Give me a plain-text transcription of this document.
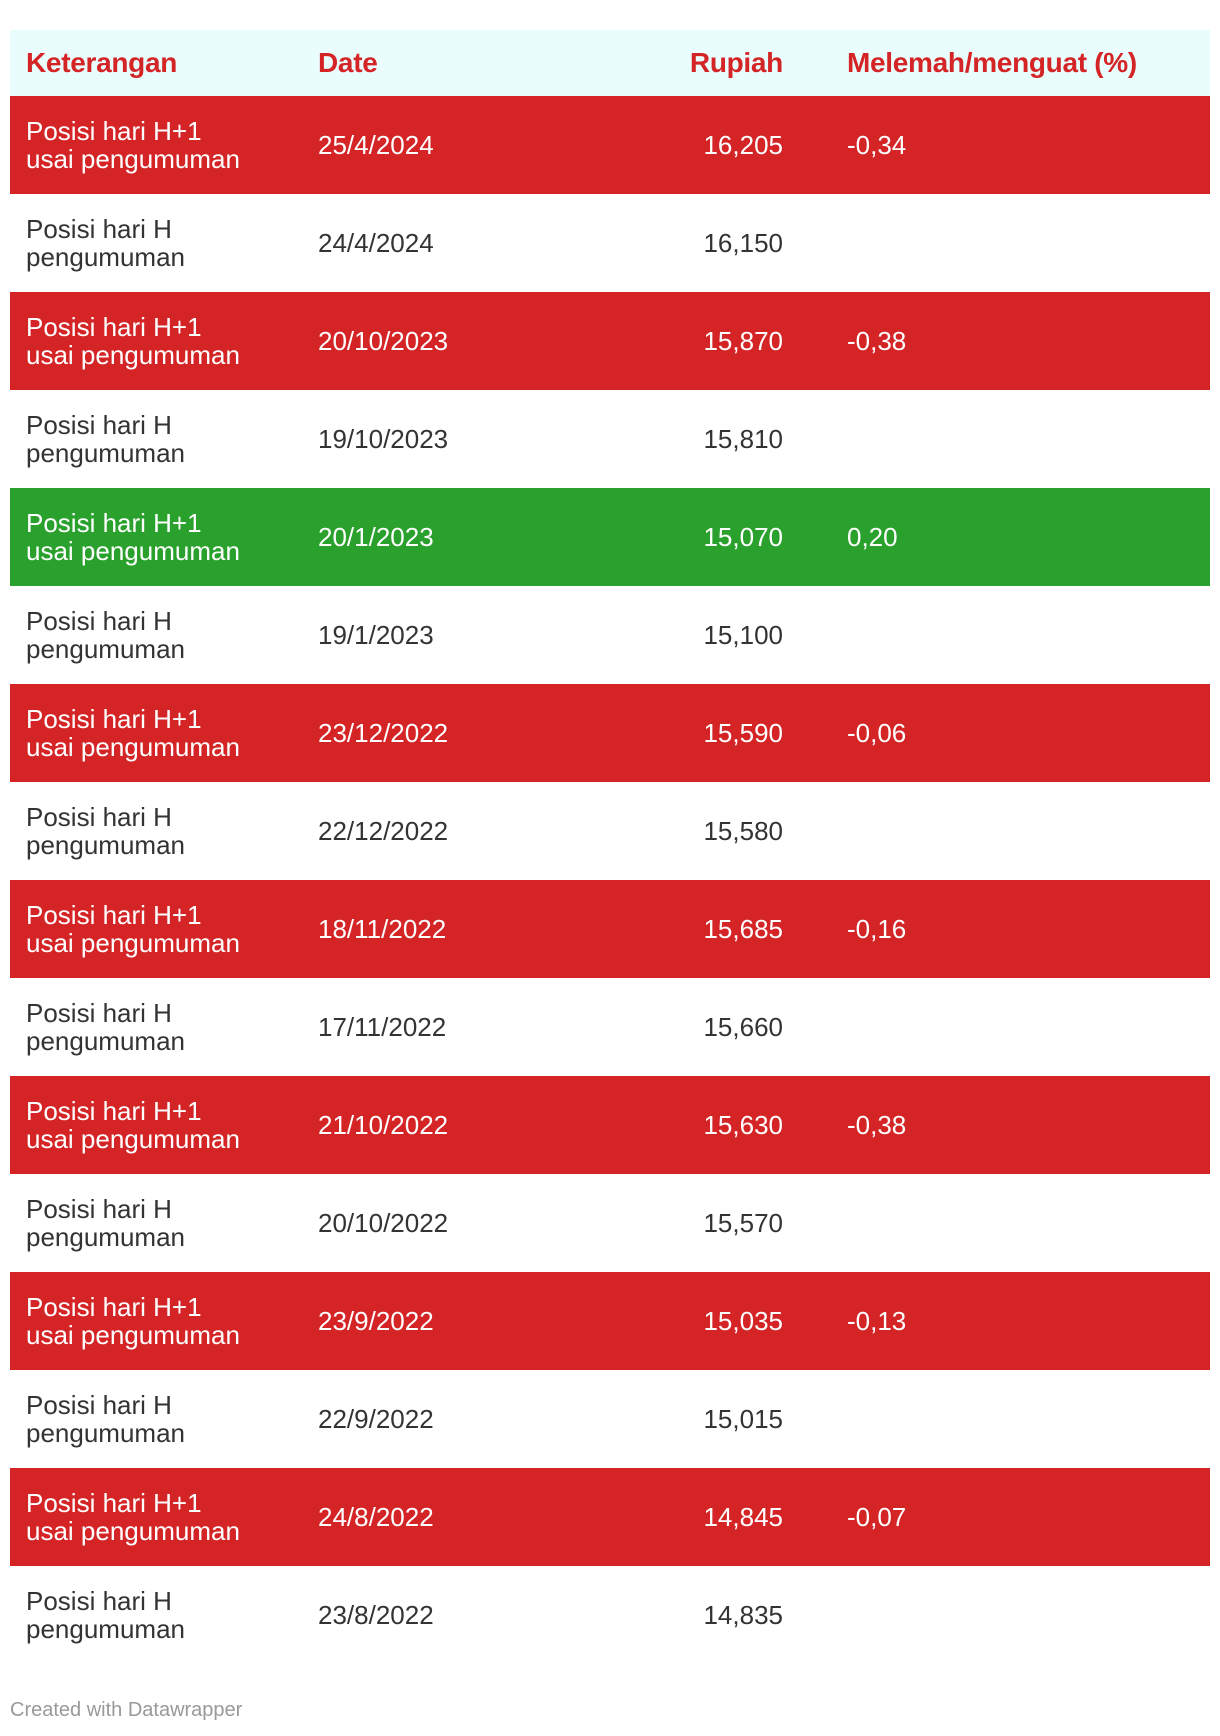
Keterangan	Date	Rupiah	Melemah/menguat (%)
Posisi hari H+1
usai pengumuman	25/4/2024	16,205	-0,34
Posisi hari H
pengumuman	24/4/2024	16,150
Posisi hari H+1
usai pengumuman	20/10/2023	15,870	-0,38
Posisi hari H
pengumuman	19/10/2023	15,810
Posisi hari H+1
usai pengumuman	20/1/2023	15,070	0,20
Posisi hari H
pengumuman	19/1/2023	15,100
Posisi hari H+1
usai pengumuman	23/12/2022	15,590	-0,06
Posisi hari H
pengumuman	22/12/2022	15,580
Posisi hari H+1
usai pengumuman	18/11/2022	15,685	-0,16
Posisi hari H
pengumuman	17/11/2022	15,660
Posisi hari H+1
usai pengumuman	21/10/2022	15,630	-0,38
Posisi hari H
pengumuman	20/10/2022	15,570
Posisi hari H+1
usai pengumuman	23/9/2022	15,035	-0,13
Posisi hari H
pengumuman	22/9/2022	15,015
Posisi hari H+1
usai pengumuman	24/8/2022	14,845	-0,07
Posisi hari H
pengumuman	23/8/2022	14,835
Created with Datawrapper
